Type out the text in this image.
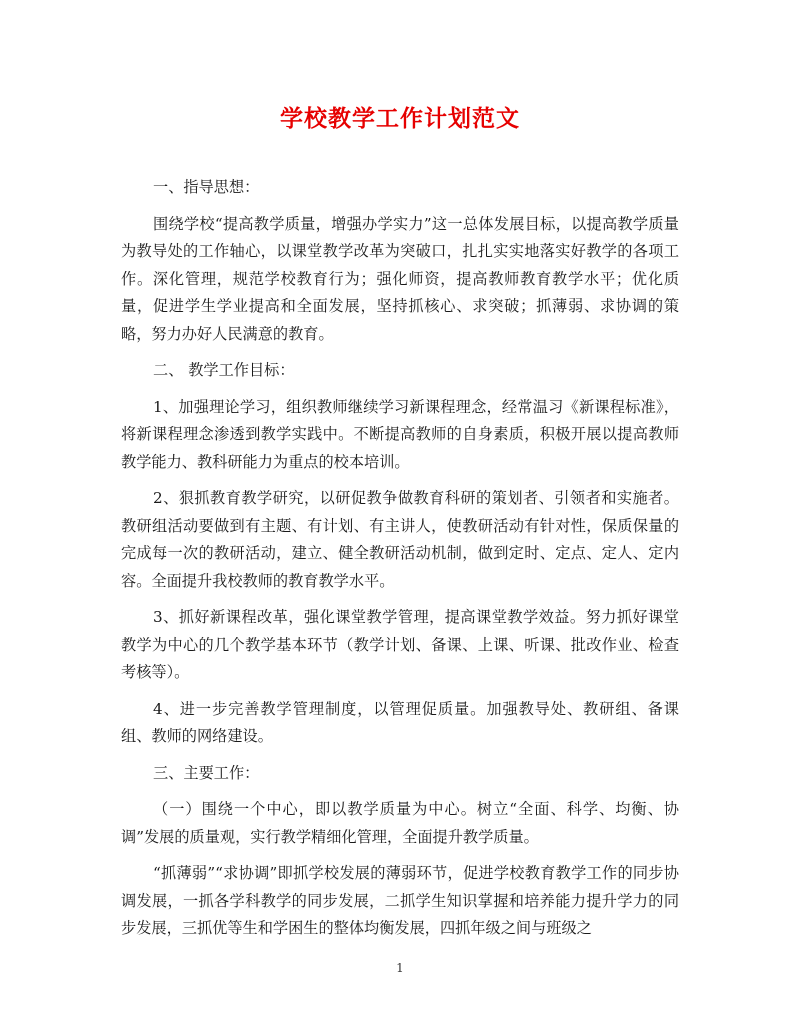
学校教学工作计划范文

一、指导思想：

围绕学校“提高教学质量，增强办学实力”这一总体发展目标，以提高教学质量为教导处的工作轴心，以课堂教学改革为突破口，扎扎实实地落实好教学的各项工作。深化管理，规范学校教育行为；强化师资，提高教师教育教学水平；优化质量，促进学生学业提高和全面发展，坚持抓核心、求突破；抓薄弱、求协调的策略，努力办好人民满意的教育。

二、 教学工作目标：

1、加强理论学习，组织教师继续学习新课程理念，经常温习《新课程标准》，将新课程理念渗透到教学实践中。不断提高教师的自身素质，积极开展以提高教师教学能力、教科研能力为重点的校本培训。

2、狠抓教育教学研究，以研促教争做教育科研的策划者、引领者和实施者。教研组活动要做到有主题、有计划、有主讲人，使教研活动有针对性，保质保量的完成每一次的教研活动，建立、健全教研活动机制，做到定时、定点、定人、定内容。全面提升我校教师的教育教学水平。

3、抓好新课程改革，强化课堂教学管理，提高课堂教学效益。努力抓好课堂教学为中心的几个教学基本环节（教学计划、备课、上课、听课、批改作业、检查考核等）。

4、进一步完善教学管理制度，以管理促质量。加强教导处、教研组、备课组、教师的网络建设。

三、主要工作：

（一）围绕一个中心，即以教学质量为中心。树立“全面、科学、均衡、协调”发展的质量观，实行教学精细化管理，全面提升教学质量。

“抓薄弱”“求协调”即抓学校发展的薄弱环节，促进学校教育教学工作的同步协调发展，一抓各学科教学的同步发展，二抓学生知识掌握和培养能力提升学力的同步发展，三抓优等生和学困生的整体均衡发展，四抓年级之间与班级之

1
